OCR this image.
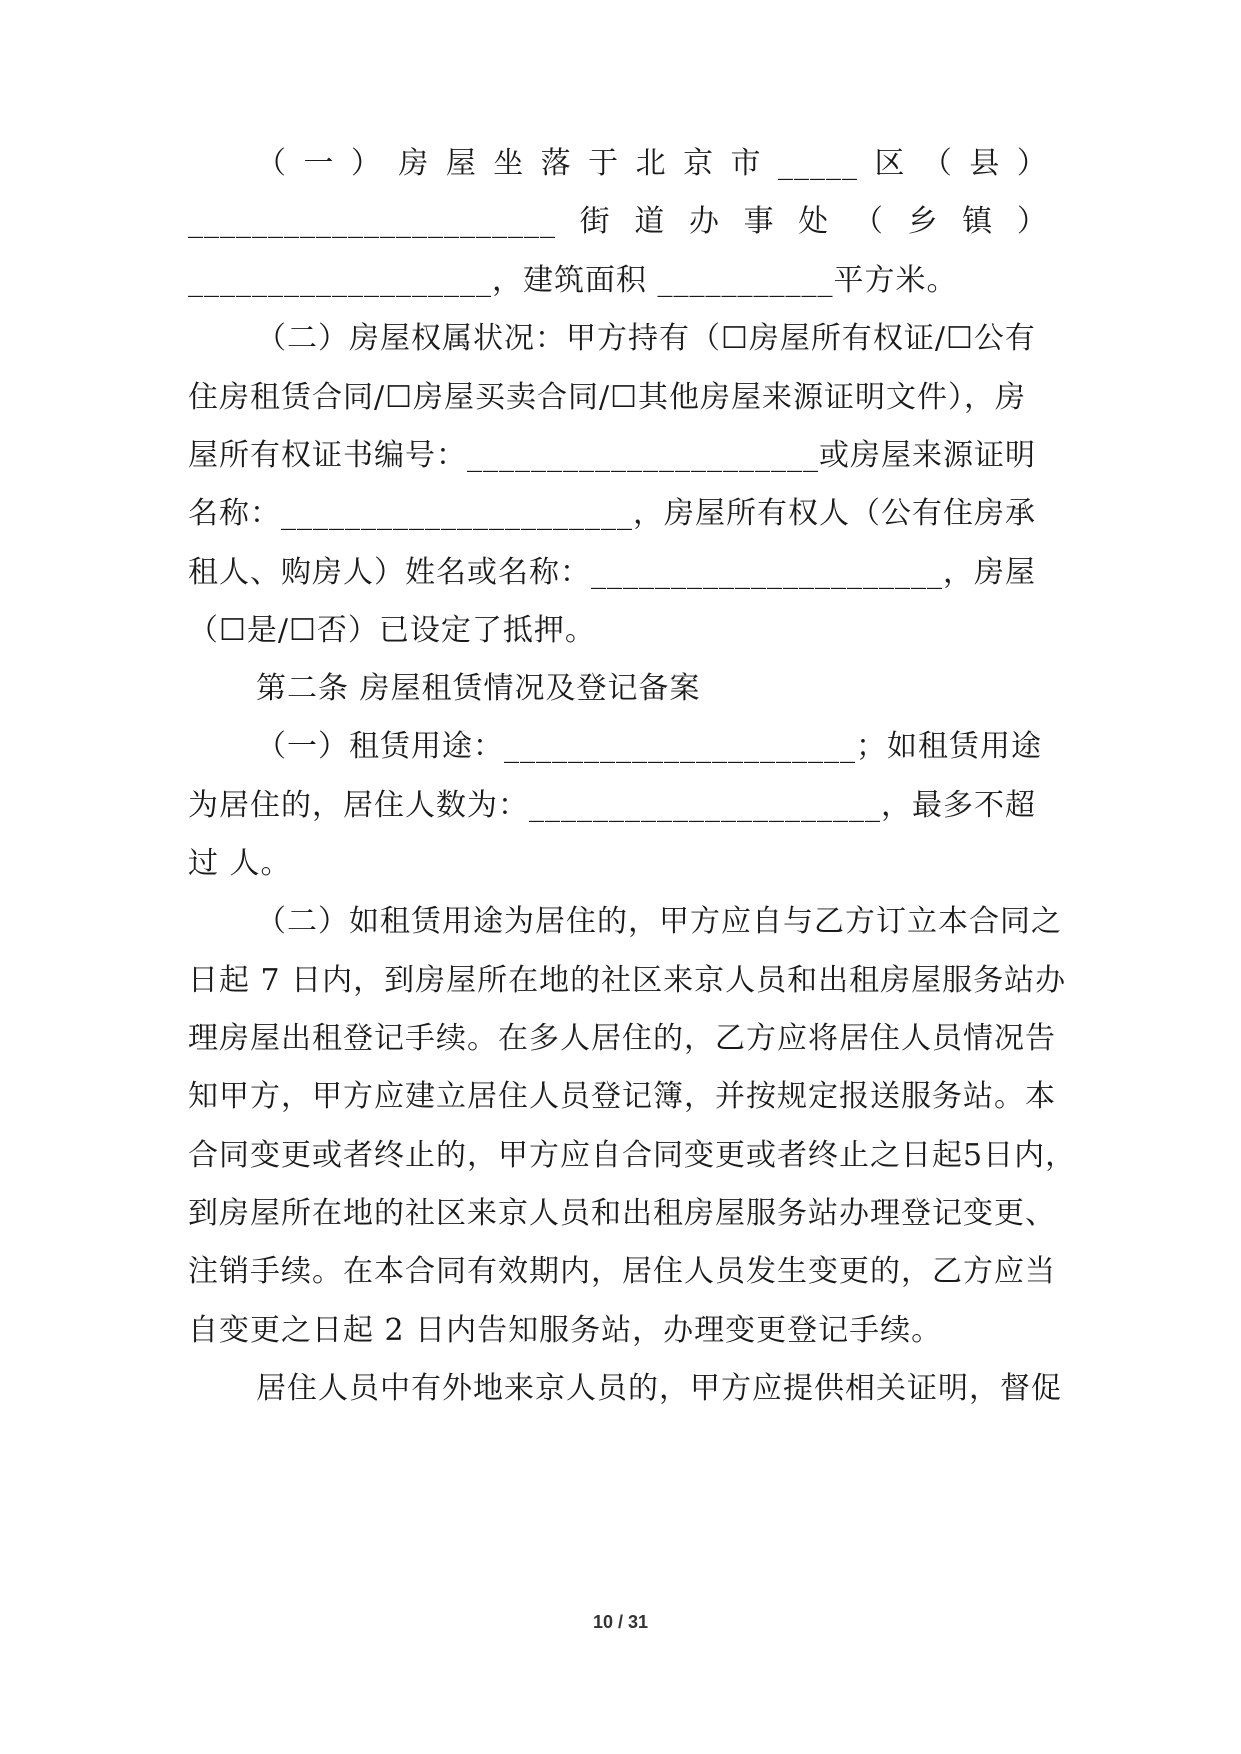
（ 一 ） 房 屋 坐 落 于 北 京 市 _____ 区 （ 县 ）
_______________________ 街 道 办 事 处 （ 乡 镇 ）
___________________，建筑面积 ___________平方米。
（二）房屋权属状况：甲方持有（☐房屋所有权证/☐公有
住房租赁合同/☐房屋买卖合同/☐其他房屋来源证明文件），房
屋所有权证书编号：______________________或房屋来源证明
名称：______________________，房屋所有权人（公有住房承
租人、购房人）姓名或名称：______________________，房屋
（☐是/☐否）已设定了抵押。
第二条 房屋租赁情况及登记备案
（一）租赁用途：______________________；如租赁用途
为居住的，居住人数为：______________________，最多不超
过 人。
（二）如租赁用途为居住的，甲方应自与乙方订立本合同之
日起 7 日内，到房屋所在地的社区来京人员和出租房屋服务站办
理房屋出租登记手续。在多人居住的，乙方应将居住人员情况告
知甲方，甲方应建立居住人员登记簿，并按规定报送服务站。本
合同变更或者终止的，甲方应自合同变更或者终止之日起5日内，
到房屋所在地的社区来京人员和出租房屋服务站办理登记变更、
注销手续。在本合同有效期内，居住人员发生变更的，乙方应当
自变更之日起 2 日内告知服务站，办理变更登记手续。
居住人员中有外地来京人员的，甲方应提供相关证明，督促
10 / 31
